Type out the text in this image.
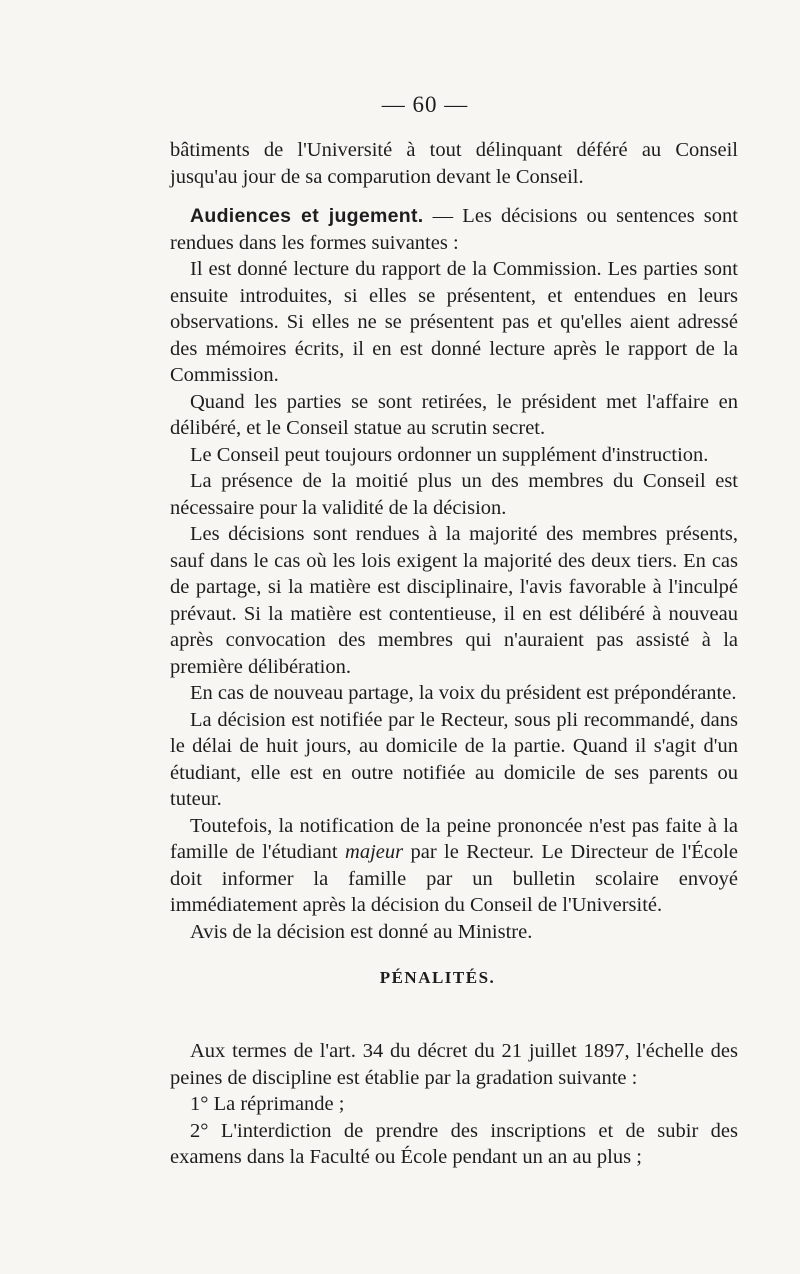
— 60 —

bâtiments de l'Université à tout délinquant déféré au Conseil jusqu'au jour de sa comparution devant le Conseil.

Audiences et jugement. — Les décisions ou sentences sont rendues dans les formes suivantes :

Il est donné lecture du rapport de la Commission. Les parties sont ensuite introduites, si elles se présentent, et entendues en leurs observations. Si elles ne se présentent pas et qu'elles aient adressé des mémoires écrits, il en est donné lecture après le rapport de la Commission.

Quand les parties se sont retirées, le président met l'affaire en délibéré, et le Conseil statue au scrutin secret.

Le Conseil peut toujours ordonner un supplément d'instruction.

La présence de la moitié plus un des membres du Conseil est nécessaire pour la validité de la décision.

Les décisions sont rendues à la majorité des membres présents, sauf dans le cas où les lois exigent la majorité des deux tiers. En cas de partage, si la matière est disciplinaire, l'avis favorable à l'inculpé prévaut. Si la matière est contentieuse, il en est délibéré à nouveau après convocation des membres qui n'auraient pas assisté à la première délibération.

En cas de nouveau partage, la voix du président est prépondérante.

La décision est notifiée par le Recteur, sous pli recommandé, dans le délai de huit jours, au domicile de la partie. Quand il s'agit d'un étudiant, elle est en outre notifiée au domicile de ses parents ou tuteur.

Toutefois, la notification de la peine prononcée n'est pas faite à la famille de l'étudiant majeur par le Recteur. Le Directeur de l'École doit informer la famille par un bulletin scolaire envoyé immédiatement après la décision du Conseil de l'Université.

Avis de la décision est donné au Ministre.

PÉNALITÉS.

Aux termes de l'art. 34 du décret du 21 juillet 1897, l'échelle des peines de discipline est établie par la gradation suivante :

1° La réprimande ;

2° L'interdiction de prendre des inscriptions et de subir des examens dans la Faculté ou École pendant un an au plus ;
